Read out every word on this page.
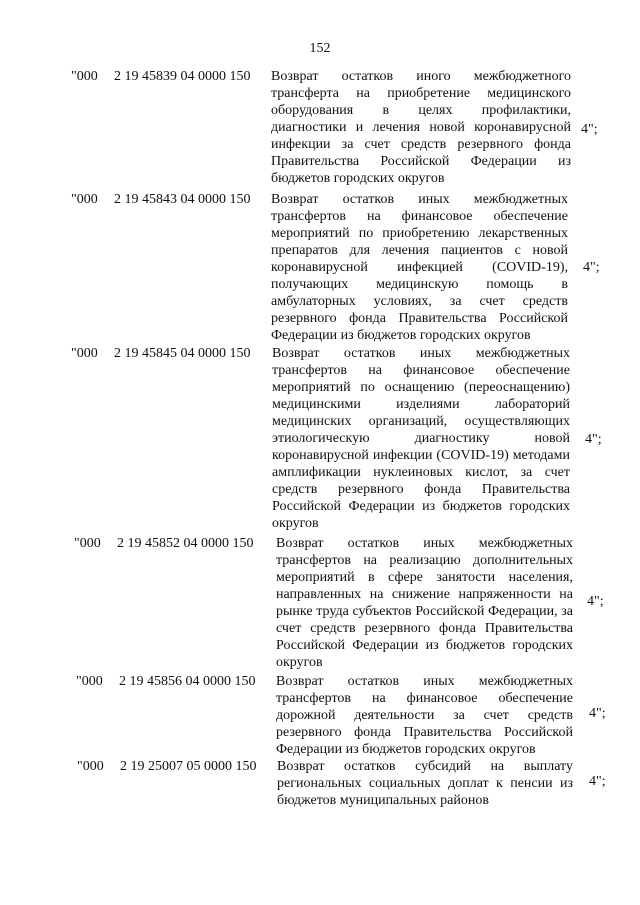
152
"000 2 19 45839 04 0000 150 Возврат остатков иного межбюджетного трансферта на приобретение медицинского оборудования в целях профилактики, диагностики и лечения новой коронавирусной инфекции за счет средств резервного фонда Правительства Российской Федерации из бюджетов городских округов
4";
"000 2 19 45843 04 0000 150 Возврат остатков иных межбюджетных трансфертов на финансовое обеспечение мероприятий по приобретению лекарственных препаратов для лечения пациентов с новой коронавирусной инфекцией (COVID-19), получающих медицинскую помощь в амбулаторных условиях, за счет средств резервного фонда Правительства Российской Федерации из бюджетов городских округов
4";
"000 2 19 45845 04 0000 150 Возврат остатков иных межбюджетных трансфертов на финансовое обеспечение мероприятий по оснащению (переоснащению) медицинскими изделиями лабораторий медицинских организаций, осуществляющих этиологическую диагностику новой коронавирусной инфекции (COVID-19) методами амплификации нуклеиновых кислот, за счет средств резервного фонда Правительства Российской Федерации из бюджетов городских округов
4";
"000 2 19 45852 04 0000 150 Возврат остатков иных межбюджетных трансфертов на реализацию дополнительных мероприятий в сфере занятости населения, направленных на снижение напряженности на рынке труда субъектов Российской Федерации, за счет средств резервного фонда Правительства Российской Федерации из бюджетов городских округов
4";
"000 2 19 45856 04 0000 150 Возврат остатков иных межбюджетных трансфертов на финансовое обеспечение дорожной деятельности за счет средств резервного фонда Правительства Российской Федерации из бюджетов городских округов
4";
"000 2 19 25007 05 0000 150 Возврат остатков субсидий на выплату региональных социальных доплат к пенсии из бюджетов муниципальных районов
4";
